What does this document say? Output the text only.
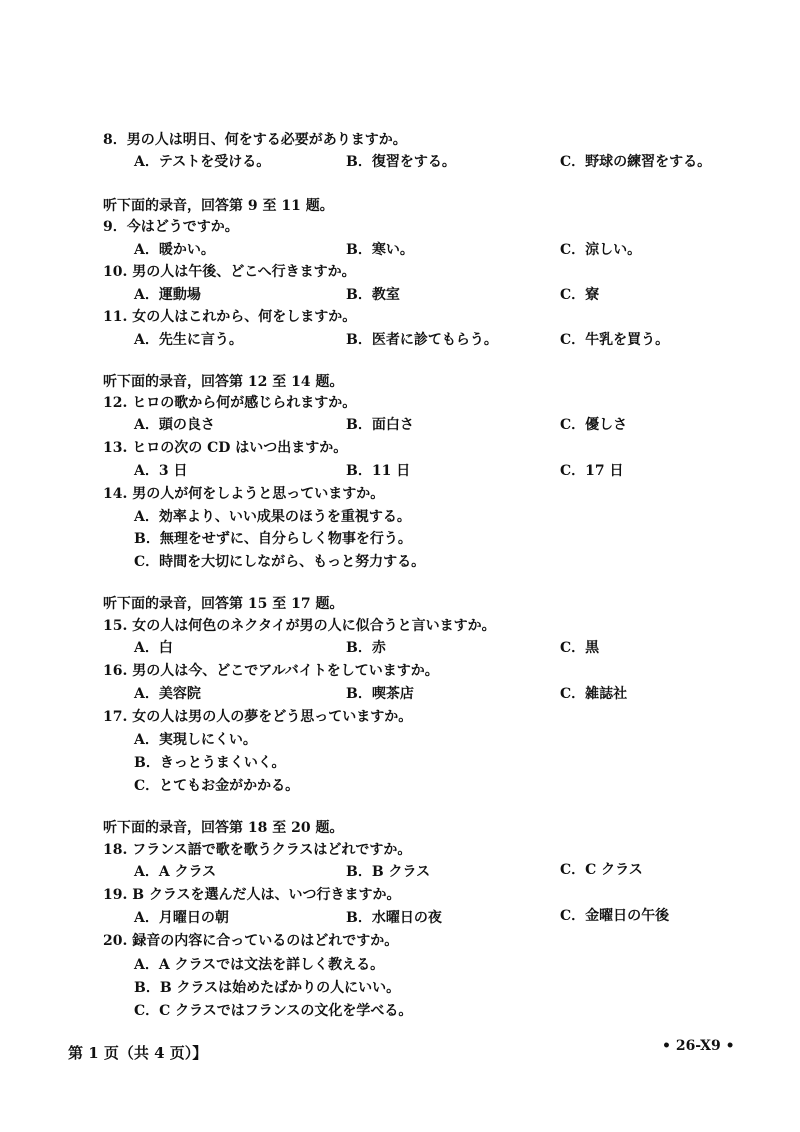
8．男の人は明日、何をする必要がありますか。
A．テストを受ける。	B．復習をする。	C．野球の練習をする。
听下面的录音，回答第 9 至 11 题。
9．今はどうですか。
A．暖かい。	B．寒い。	C．涼しい。
10. 男の人は午後、どこへ行きますか。
A．運動場	B．教室	C．寮
11. 女の人はこれから、何をしますか。
A．先生に言う。	B．医者に診てもらう。	C．牛乳を買う。
听下面的录音，回答第 12 至 14 题。
12. ヒロの歌から何が感じられますか。
A．頭の良さ	B．面白さ	C．優しさ
13. ヒロの次の CD はいつ出ますか。
A．3 日	B．11 日	C．17 日
14. 男の人が何をしようと思っていますか。
A．効率より、いい成果のほうを重視する。
B．無理をせずに、自分らしく物事を行う。
C．時間を大切にしながら、もっと努力する。
听下面的录音，回答第 15 至 17 题。
15. 女の人は何色のネクタイが男の人に似合うと言いますか。
A．白	B．赤	C．黒
16. 男の人は今、どこでアルバイトをしていますか。
A．美容院	B．喫茶店	C．雑誌社
17. 女の人は男の人の夢をどう思っていますか。
A．実現しにくい。
B．きっとうまくいく。
C．とてもお金がかかる。
听下面的录音，回答第 18 至 20 题。
18. フランス語で歌を歌うクラスはどれですか。
A．A クラス	B．B クラス	C．C クラス
19. B クラスを選んだ人は、いつ行きますか。
A．月曜日の朝	B．水曜日の夜	C．金曜日の午後
20. 録音の内容に合っているのはどれですか。
A．A クラスでは文法を詳しく教える。
B．B クラスは始めたばかりの人にいい。
C．C クラスではフランスの文化を学べる。
第 1 页（共 4 页）】	• 26-X9 •
